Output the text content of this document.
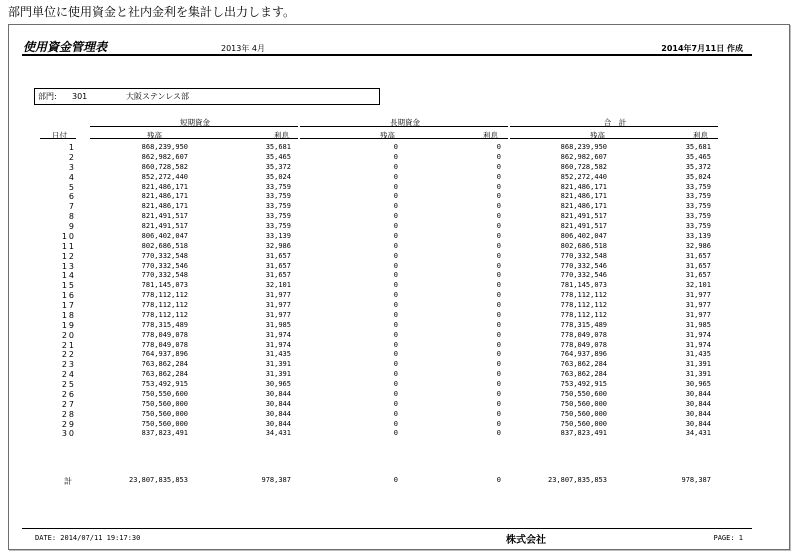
部門単位に使用資金と社内金利を集計し出力します。
使用資金管理表	2013年 4月	2014年7月11日 作成
部門: 301	大阪ステンレス部
短期資金	長期資金	合　計
日付	残高	利息	残高	利息	残高	利息
1	868,239,950	35,681	0	0	868,239,950	35,681
2	862,982,607	35,465	0	0	862,982,607	35,465
3	860,728,582	35,372	0	0	860,728,582	35,372
4	852,272,440	35,024	0	0	852,272,440	35,024
5	821,486,171	33,759	0	0	821,486,171	33,759
6	821,486,171	33,759	0	0	821,486,171	33,759
7	821,486,171	33,759	0	0	821,486,171	33,759
8	821,491,517	33,759	0	0	821,491,517	33,759
9	821,491,517	33,759	0	0	821,491,517	33,759
10	806,402,047	33,139	0	0	806,402,047	33,139
11	802,686,518	32,986	0	0	802,686,518	32,986
12	770,332,548	31,657	0	0	770,332,548	31,657
13	770,332,546	31,657	0	0	770,332,546	31,657
14	770,332,548	31,657	0	0	770,332,546	31,657
15	781,145,073	32,101	0	0	781,145,073	32,101
16	778,112,112	31,977	0	0	778,112,112	31,977
17	778,112,112	31,977	0	0	778,112,112	31,977
18	778,112,112	31,977	0	0	778,112,112	31,977
19	778,315,489	31,985	0	0	778,315,489	31,985
20	778,049,078	31,974	0	0	778,049,078	31,974
21	778,049,078	31,974	0	0	778,049,078	31,974
22	764,937,896	31,435	0	0	764,937,896	31,435
23	763,862,284	31,391	0	0	763,862,284	31,391
24	763,862,284	31,391	0	0	763,862,284	31,391
25	753,492,915	30,965	0	0	753,492,915	30,965
26	750,550,600	30,844	0	0	750,550,600	30,844
27	750,560,000	30,844	0	0	750,560,000	30,844
28	750,560,000	30,844	0	0	750,560,000	30,844
29	750,560,000	30,844	0	0	750,560,000	30,844
30	837,823,491	34,431	0	0	837,823,491	34,431
計	23,807,835,853	978,387	0	0	23,807,835,853	978,387
DATE: 2014/07/11 19:17:30	株式会社	PAGE: 1
